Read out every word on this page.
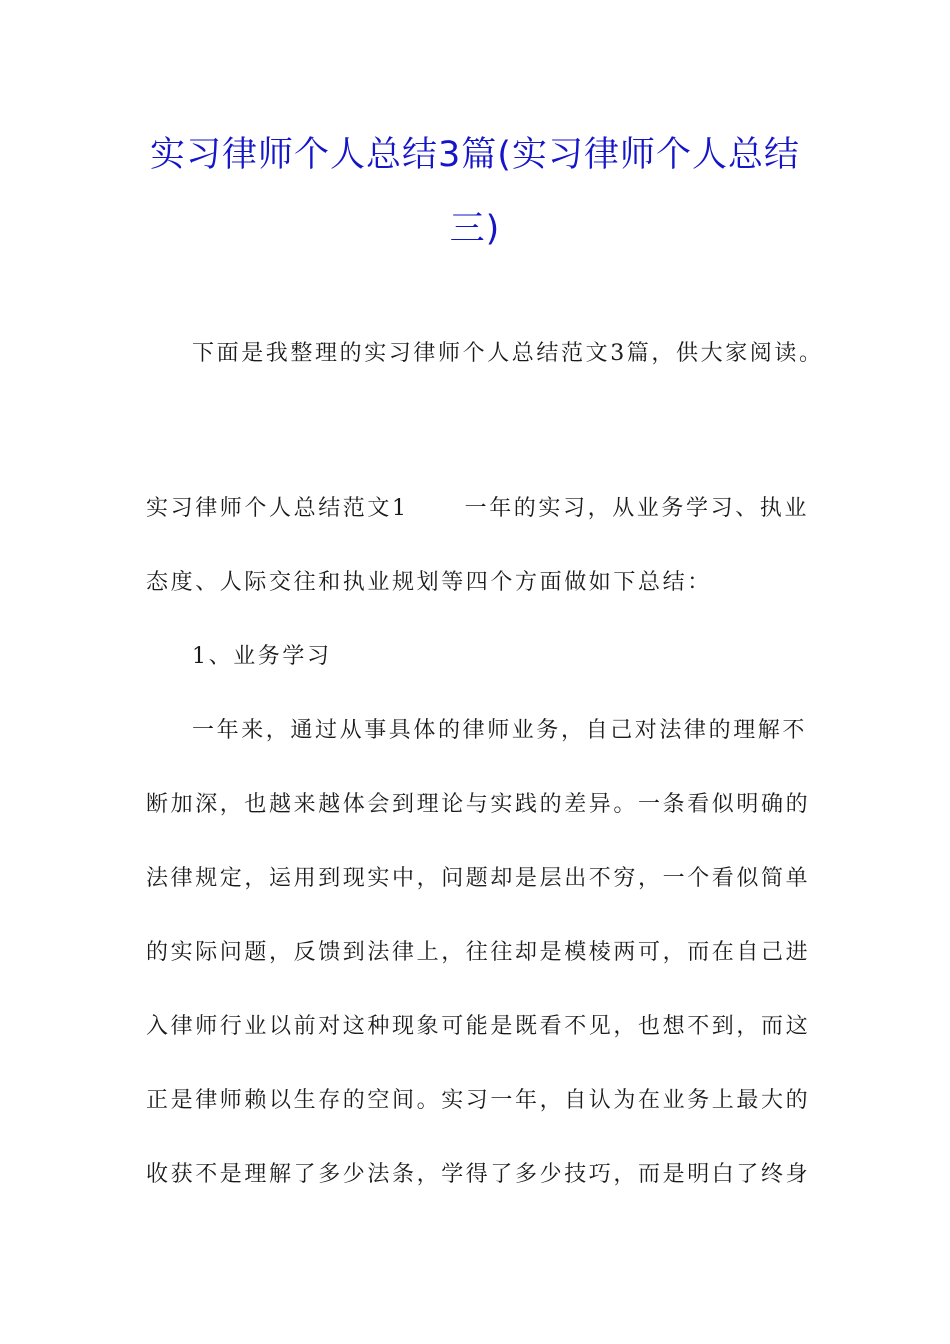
实习律师个人总结3篇(实习律师个人总结
三)

下面是我整理的实习律师个人总结范文3篇，供大家阅读。

实习律师个人总结范文1	一年的实习，从业务学习、执业
态度、人际交往和执业规划等四个方面做如下总结：

1、业务学习

一年来，通过从事具体的律师业务，自己对法律的理解不
断加深，也越来越体会到理论与实践的差异。一条看似明确的
法律规定，运用到现实中，问题却是层出不穷，一个看似简单
的实际问题，反馈到法律上，往往却是模棱两可，而在自己进
入律师行业以前对这种现象可能是既看不见，也想不到，而这
正是律师赖以生存的空间。实习一年，自认为在业务上最大的
收获不是理解了多少法条，学得了多少技巧，而是明白了终身
